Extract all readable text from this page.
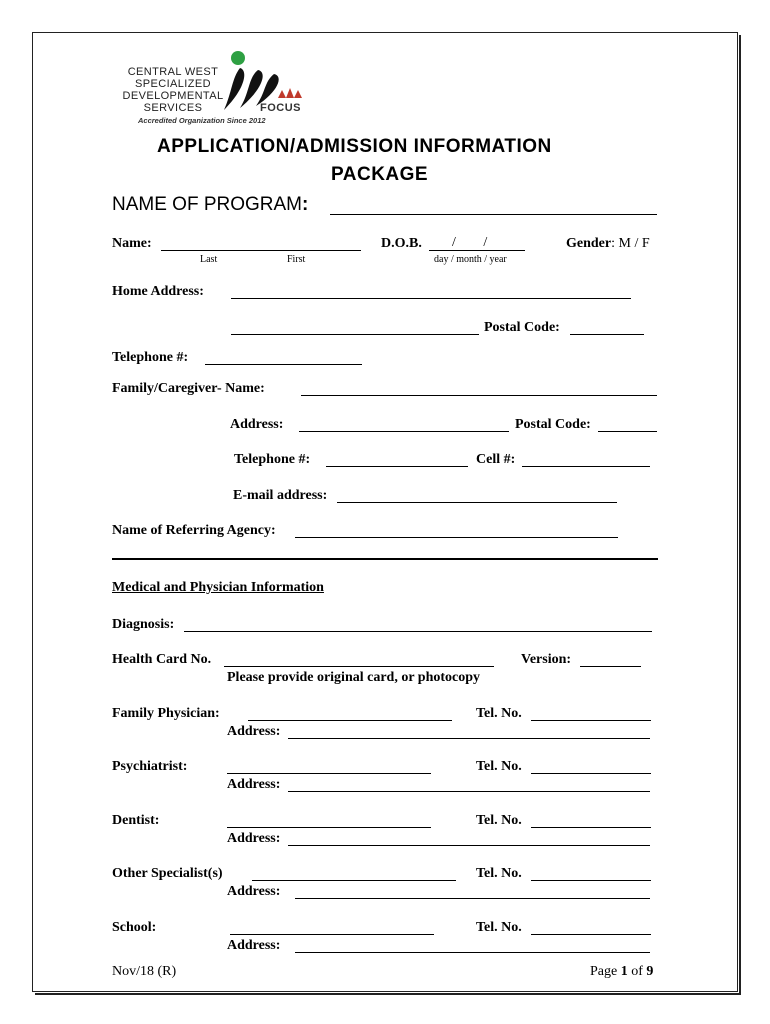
CENTRAL WEST
SPECIALIZED
DEVELOPMENTAL
SERVICES	FOCUS
Accredited Organization Since 2012
APPLICATION/ADMISSION INFORMATION
PACKAGE
NAME OF PROGRAM:
Name:
Last	First
D.O.B. / /
day / month / year
Gender: M / F
Home Address:
Postal Code:
Telephone #:
Family/Caregiver- Name:
Address:	Postal Code:
Telephone #:	Cell #:
E-mail address:
Name of Referring Agency:
Medical and Physician Information
Diagnosis:
Health Card No.	Version:
Please provide original card, or photocopy
Family Physician:	Tel. No.
Address:
Psychiatrist:	Tel. No.
Address:
Dentist:	Tel. No.
Address:
Other Specialist(s)	Tel. No.
Address:
School:	Tel. No.
Address:
Nov/18 (R)	Page 1 of 9
